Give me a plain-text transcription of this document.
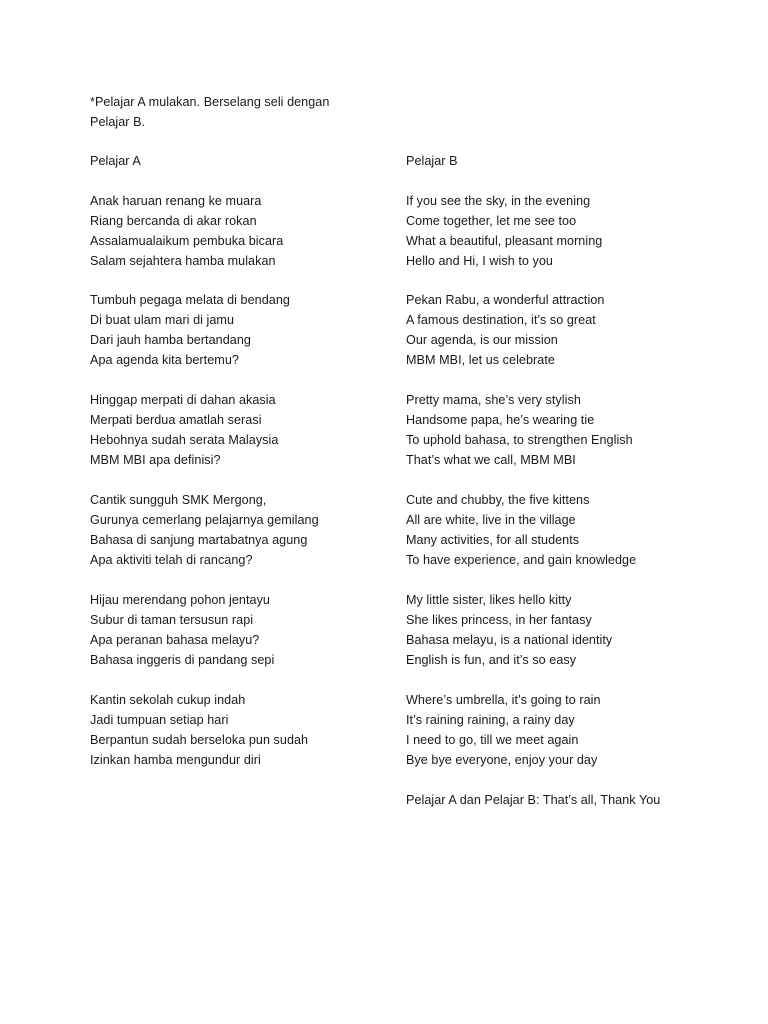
*Pelajar A mulakan. Berselang seli dengan
Pelajar B.
Pelajar A	Pelajar B
Anak haruan renang ke muara
Riang bercanda di akar rokan
Assalamualaikum pembuka bicara
Salam sejahtera hamba mulakan
If you see the sky, in the evening
Come together, let me see too
What a beautiful, pleasant morning
Hello and Hi, I wish to you
Tumbuh pegaga melata di bendang
Di buat ulam mari di jamu
Dari jauh hamba bertandang
Apa agenda kita bertemu?
Pekan Rabu, a wonderful attraction
A famous destination, it’s so great
Our agenda, is our mission
MBM MBI, let us celebrate
Hinggap merpati di dahan akasia
Merpati berdua amatlah serasi
Hebohnya sudah serata Malaysia
MBM MBI apa definisi?
Pretty mama, she’s very stylish
Handsome papa, he’s wearing tie
To uphold bahasa, to strengthen English
That’s what we call, MBM MBI
Cantik sungguh SMK Mergong,
Gurunya cemerlang pelajarnya gemilang
Bahasa di sanjung martabatnya agung
Apa aktiviti telah di rancang?
Cute and chubby, the five kittens
All are white, live in the village
Many activities, for all students
To have experience, and gain knowledge
Hijau merendang pohon jentayu
Subur di taman tersusun rapi
Apa peranan bahasa melayu?
Bahasa inggeris di pandang sepi
My little sister, likes hello kitty
She likes princess, in her fantasy
Bahasa melayu, is a national identity
English is fun, and it’s so easy
Kantin sekolah cukup indah
Jadi tumpuan setiap hari
Berpantun sudah berseloka pun sudah
Izinkan hamba mengundur diri
Where’s umbrella, it’s going to rain
It’s raining raining, a rainy day
I need to go, till we meet again
Bye bye everyone, enjoy your day
Pelajar A dan Pelajar B: That’s all, Thank You
